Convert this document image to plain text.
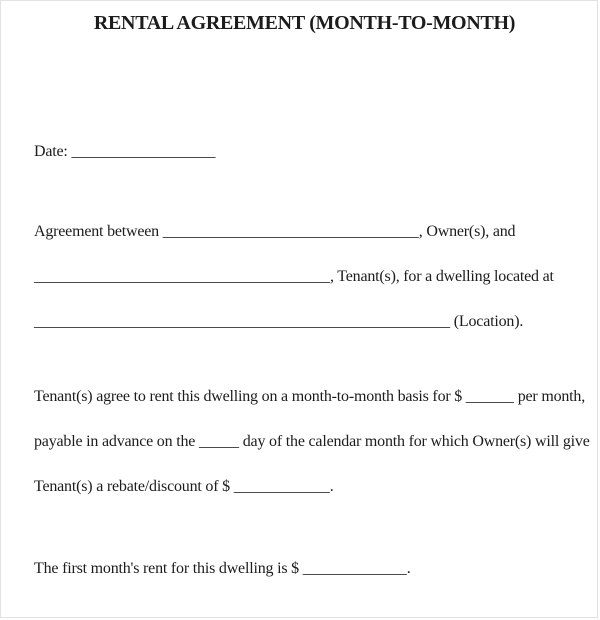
RENTAL AGREEMENT (MONTH-TO-MONTH)

Date: __________________

Agreement between ________________________________, Owner(s), and

_____________________________________, Tenant(s), for a dwelling located at

____________________________________________________ (Location).

Tenant(s) agree to rent this dwelling on a month-to-month basis for $ ______ per month,

payable in advance on the _____ day of the calendar month for which Owner(s) will give

Tenant(s) a rebate/discount of $ ____________.

The first month's rent for this dwelling is $ _____________.
